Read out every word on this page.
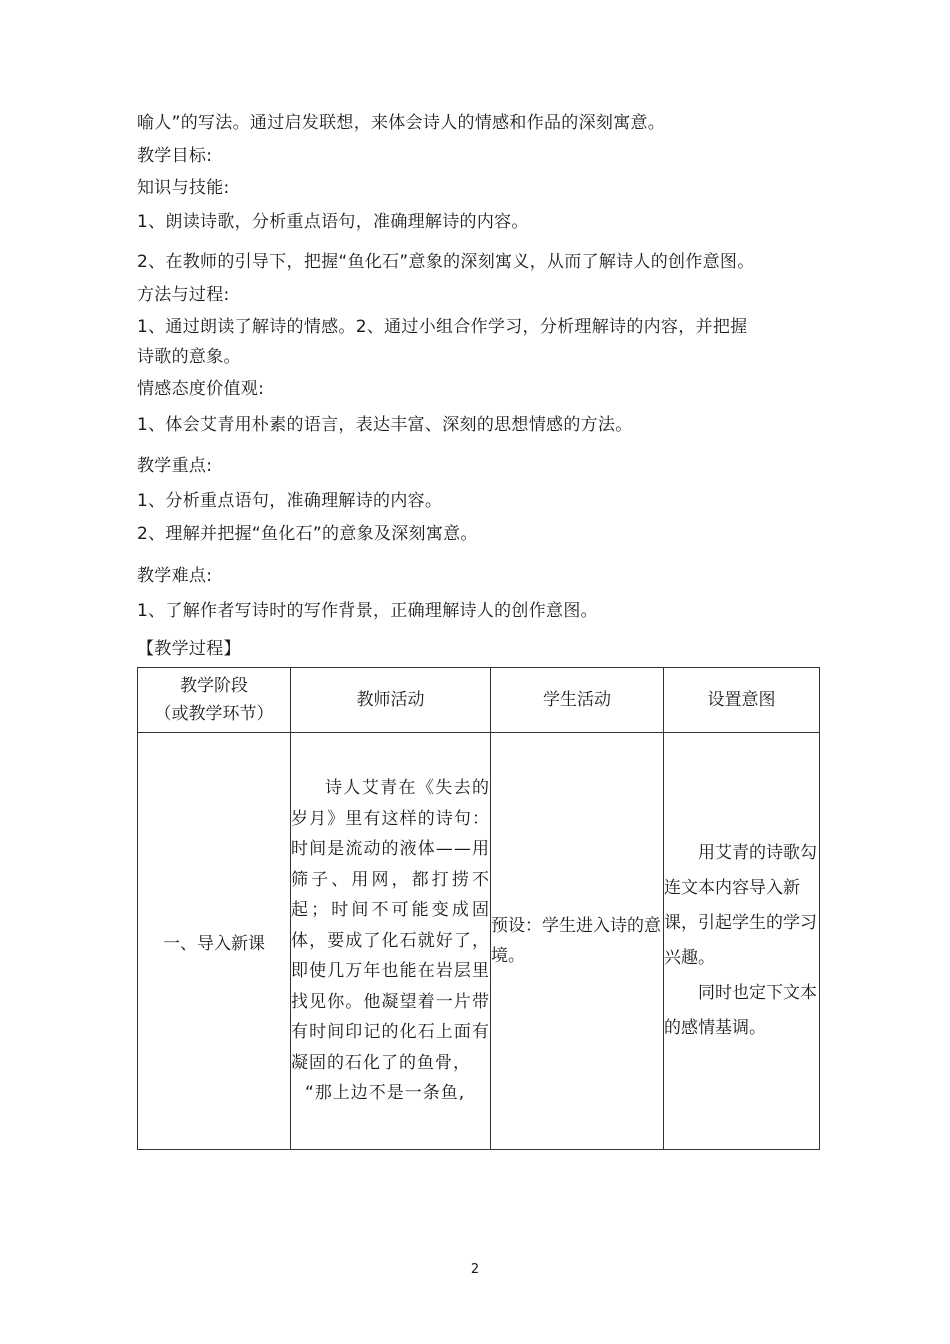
喻人”的写法。通过启发联想，来体会诗人的情感和作品的深刻寓意。
教学目标:
知识与技能:
1、朗读诗歌，分析重点语句，准确理解诗的内容。
2、在教师的引导下，把握“鱼化石”意象的深刻寓义，从而了解诗人的创作意图。
方法与过程:
1、通过朗读了解诗的情感。2、通过小组合作学习，分析理解诗的内容，并把握
诗歌的意象。
情感态度价值观:
1、体会艾青用朴素的语言，表达丰富、深刻的思想情感的方法。
教学重点:
1、分析重点语句，准确理解诗的内容。
2、理解并把握“鱼化石”的意象及深刻寓意。
教学难点:
1、了解作者写诗时的写作背景，正确理解诗人的创作意图。
【教学过程】
教学阶段
（或教学环节）	教师活动	学生活动	设置意图
一、导入新课	诗人艾青在《失去的岁月》里有这样的诗句：时间是流动的液体——用筛子、用网，都打捞不起；时间不可能变成固体，要成了化石就好了，即使几万年也能在岩层里找见你。他凝望着一片带有时间印记的化石上面有凝固的石化了的鱼骨，
“那上边不是一条鱼,	预设：学生进入诗的意境。	用艾青的诗歌勾连文本内容导入新课，引起学生的学习兴趣。
同时也定下文本的感情基调。
2
